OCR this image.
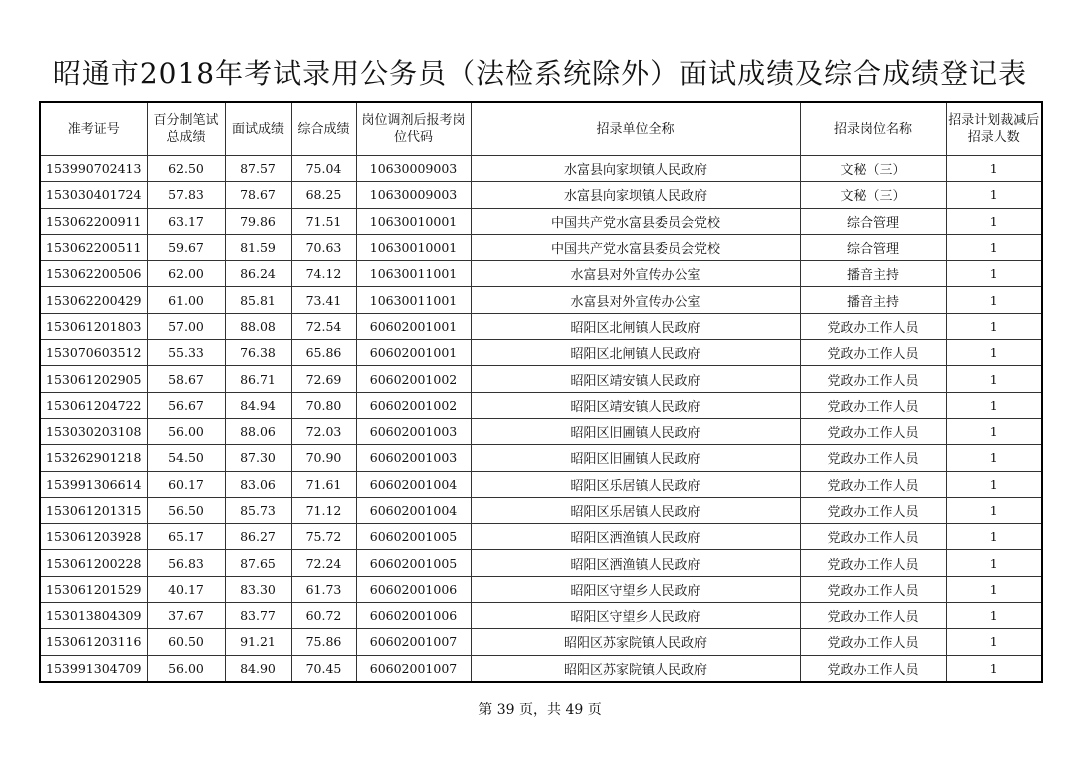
昭通市2018年考试录用公务员（法检系统除外）面试成绩及综合成绩登记表
准考证号	百分制笔试总成绩	面试成绩	综合成绩	岗位调剂后报考岗位代码	招录单位全称	招录岗位名称	招录计划裁减后招录人数
153990702413	62.50	87.57	75.04	10630009003	水富县向家坝镇人民政府	文秘（三）	1
153030401724	57.83	78.67	68.25	10630009003	水富县向家坝镇人民政府	文秘（三）	1
153062200911	63.17	79.86	71.51	10630010001	中国共产党水富县委员会党校	综合管理	1
153062200511	59.67	81.59	70.63	10630010001	中国共产党水富县委员会党校	综合管理	1
153062200506	62.00	86.24	74.12	10630011001	水富县对外宣传办公室	播音主持	1
153062200429	61.00	85.81	73.41	10630011001	水富县对外宣传办公室	播音主持	1
153061201803	57.00	88.08	72.54	60602001001	昭阳区北闸镇人民政府	党政办工作人员	1
153070603512	55.33	76.38	65.86	60602001001	昭阳区北闸镇人民政府	党政办工作人员	1
153061202905	58.67	86.71	72.69	60602001002	昭阳区靖安镇人民政府	党政办工作人员	1
153061204722	56.67	84.94	70.80	60602001002	昭阳区靖安镇人民政府	党政办工作人员	1
153030203108	56.00	88.06	72.03	60602001003	昭阳区旧圃镇人民政府	党政办工作人员	1
153262901218	54.50	87.30	70.90	60602001003	昭阳区旧圃镇人民政府	党政办工作人员	1
153991306614	60.17	83.06	71.61	60602001004	昭阳区乐居镇人民政府	党政办工作人员	1
153061201315	56.50	85.73	71.12	60602001004	昭阳区乐居镇人民政府	党政办工作人员	1
153061203928	65.17	86.27	75.72	60602001005	昭阳区洒渔镇人民政府	党政办工作人员	1
153061200228	56.83	87.65	72.24	60602001005	昭阳区洒渔镇人民政府	党政办工作人员	1
153061201529	40.17	83.30	61.73	60602001006	昭阳区守望乡人民政府	党政办工作人员	1
153013804309	37.67	83.77	60.72	60602001006	昭阳区守望乡人民政府	党政办工作人员	1
153061203116	60.50	91.21	75.86	60602001007	昭阳区苏家院镇人民政府	党政办工作人员	1
153991304709	56.00	84.90	70.45	60602001007	昭阳区苏家院镇人民政府	党政办工作人员	1
第 39 页，共 49 页
